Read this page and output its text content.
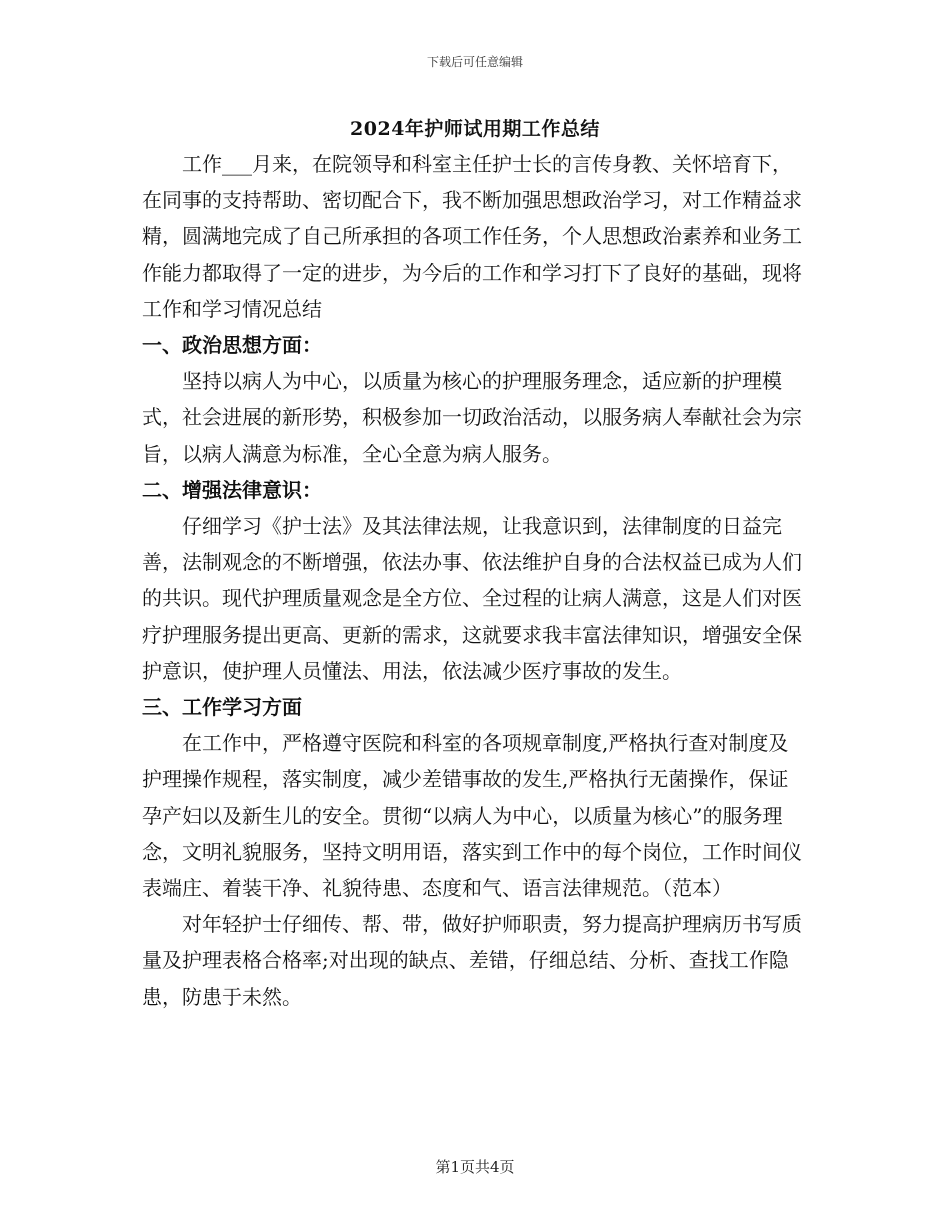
下载后可任意编辑
2024年护师试用期工作总结

工作___月来，在院领导和科室主任护士长的言传身教、关怀培育下，在同事的支持帮助、密切配合下，我不断加强思想政治学习，对工作精益求精，圆满地完成了自己所承担的各项工作任务，个人思想政治素养和业务工作能力都取得了一定的进步，为今后的工作和学习打下了良好的基础，现将工作和学习情况总结

一、政治思想方面：

坚持以病人为中心，以质量为核心的护理服务理念，适应新的护理模式，社会进展的新形势，积极参加一切政治活动，以服务病人奉献社会为宗旨，以病人满意为标准，全心全意为病人服务。

二、增强法律意识：

仔细学习《护士法》及其法律法规，让我意识到，法律制度的日益完善，法制观念的不断增强，依法办事、依法维护自身的合法权益已成为人们的共识。现代护理质量观念是全方位、全过程的让病人满意，这是人们对医疗护理服务提出更高、更新的需求，这就要求我丰富法律知识，增强安全保护意识，使护理人员懂法、用法，依法减少医疗事故的发生。

三、工作学习方面

在工作中，严格遵守医院和科室的各项规章制度,严格执行查对制度及护理操作规程，落实制度，减少差错事故的发生,严格执行无菌操作，保证孕产妇以及新生儿的安全。贯彻“以病人为中心，以质量为核心”的服务理念，文明礼貌服务，坚持文明用语，落实到工作中的每个岗位，工作时间仪表端庄、着装干净、礼貌待患、态度和气、语言法律规范。（范本）

对年轻护士仔细传、帮、带，做好护师职责，努力提高护理病历书写质量及护理表格合格率;对出现的缺点、差错，仔细总结、分析、查找工作隐患，防患于未然。

第1页共4页
